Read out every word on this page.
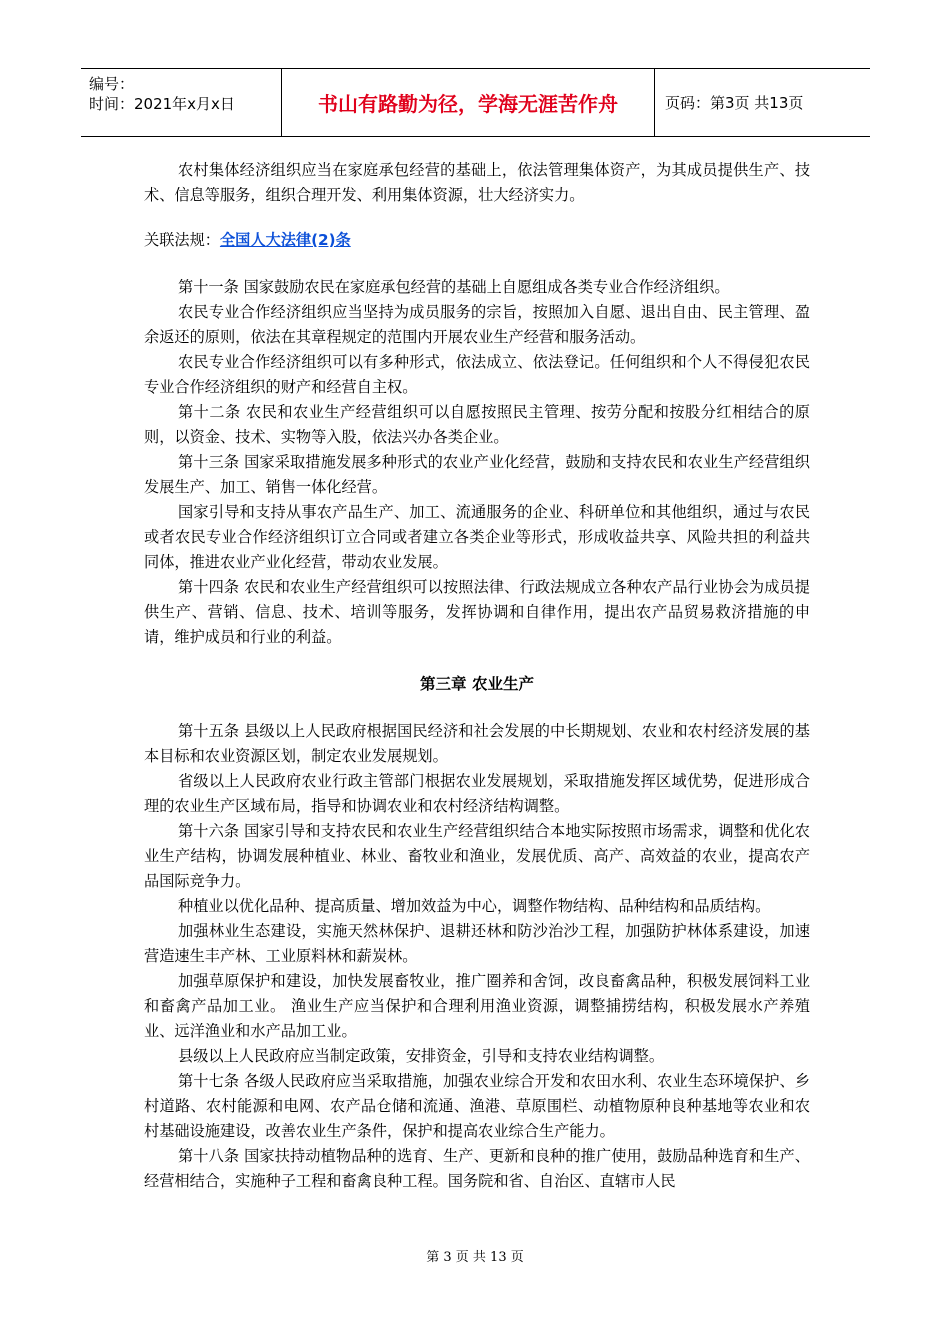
编号：
时间：2021年x月x日	书山有路勤为径，学海无涯苦作舟	页码：第3页 共13页

农村集体经济组织应当在家庭承包经营的基础上，依法管理集体资产，为其成员提供生产、技术、信息等服务，组织合理开发、利用集体资源，壮大经济实力。

关联法规：全国人大法律(2)条

第十一条 国家鼓励农民在家庭承包经营的基础上自愿组成各类专业合作经济组织。

农民专业合作经济组织应当坚持为成员服务的宗旨，按照加入自愿、退出自由、民主管理、盈余返还的原则，依法在其章程规定的范围内开展农业生产经营和服务活动。

农民专业合作经济组织可以有多种形式，依法成立、依法登记。任何组织和个人不得侵犯农民专业合作经济组织的财产和经营自主权。

第十二条 农民和农业生产经营组织可以自愿按照民主管理、按劳分配和按股分红相结合的原则，以资金、技术、实物等入股，依法兴办各类企业。

第十三条 国家采取措施发展多种形式的农业产业化经营，鼓励和支持农民和农业生产经营组织发展生产、加工、销售一体化经营。

国家引导和支持从事农产品生产、加工、流通服务的企业、科研单位和其他组织，通过与农民或者农民专业合作经济组织订立合同或者建立各类企业等形式，形成收益共享、风险共担的利益共同体，推进农业产业化经营，带动农业发展。

第十四条 农民和农业生产经营组织可以按照法律、行政法规成立各种农产品行业协会为成员提供生产、营销、信息、技术、培训等服务，发挥协调和自律作用，提出农产品贸易救济措施的申请，维护成员和行业的利益。

第三章 农业生产

第十五条 县级以上人民政府根据国民经济和社会发展的中长期规划、农业和农村经济发展的基本目标和农业资源区划，制定农业发展规划。

省级以上人民政府农业行政主管部门根据农业发展规划，采取措施发挥区域优势，促进形成合理的农业生产区域布局，指导和协调农业和农村经济结构调整。

第十六条 国家引导和支持农民和农业生产经营组织结合本地实际按照市场需求，调整和优化农业生产结构，协调发展种植业、林业、畜牧业和渔业，发展优质、高产、高效益的农业，提高农产品国际竞争力。

种植业以优化品种、提高质量、增加效益为中心，调整作物结构、品种结构和品质结构。

加强林业生态建设，实施天然林保护、退耕还林和防沙治沙工程，加强防护林体系建设，加速营造速生丰产林、工业原料林和薪炭林。

加强草原保护和建设，加快发展畜牧业，推广圈养和舍饲，改良畜禽品种，积极发展饲料工业和畜禽产品加工业。 渔业生产应当保护和合理利用渔业资源，调整捕捞结构，积极发展水产养殖业、远洋渔业和水产品加工业。

县级以上人民政府应当制定政策，安排资金，引导和支持农业结构调整。

第十七条 各级人民政府应当采取措施，加强农业综合开发和农田水利、农业生态环境保护、乡村道路、农村能源和电网、农产品仓储和流通、渔港、草原围栏、动植物原种良种基地等农业和农村基础设施建设，改善农业生产条件，保护和提高农业综合生产能力。

第十八条 国家扶持动植物品种的选育、生产、更新和良种的推广使用，鼓励品种选育和生产、经营相结合，实施种子工程和畜禽良种工程。国务院和省、自治区、直辖市人民

第 3 页 共 13 页
